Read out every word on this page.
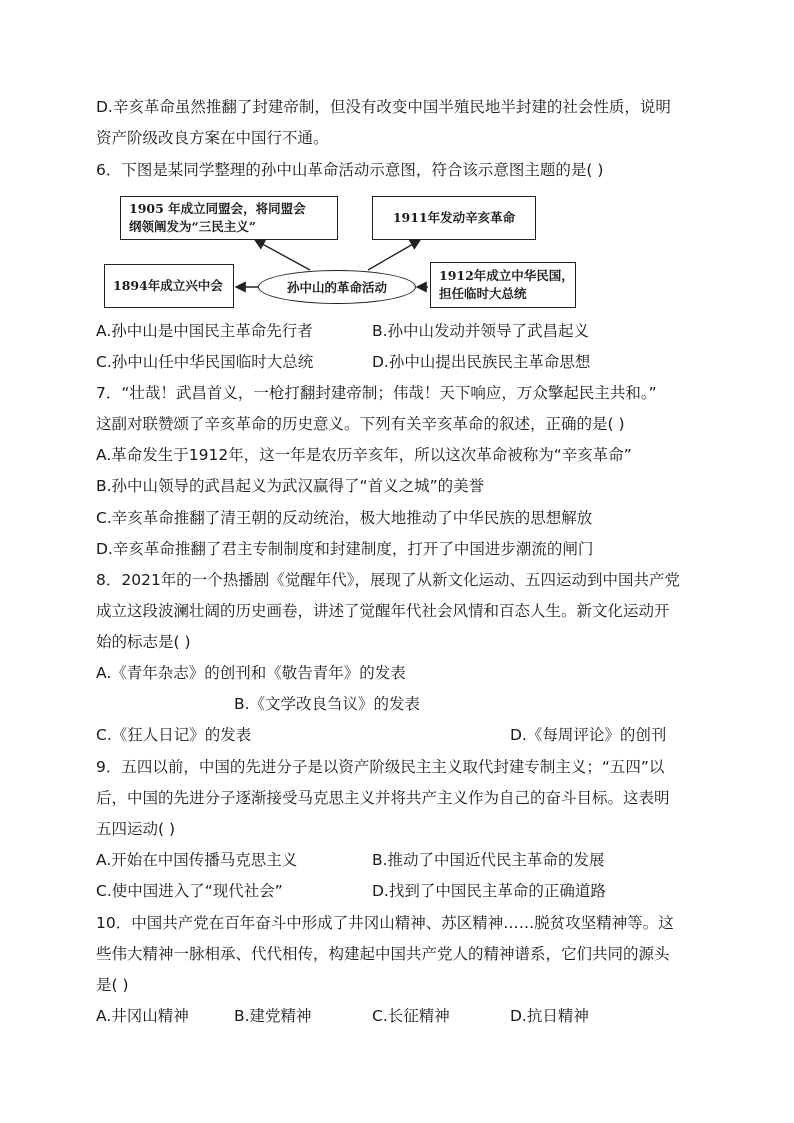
D.辛亥革命虽然推翻了封建帝制，但没有改变中国半殖民地半封建的社会性质，说明
资产阶级改良方案在中国行不通。
6．下图是某同学整理的孙中山革命活动示意图，符合该示意图主题的是( )
1905 年成立同盟会，将同盟会
纲领阐发为“三民主义”
1911年发动辛亥革命
1894年成立兴中会	孙中山的革命活动
1912年成立中华民国，
担任临时大总统
A.孙中山是中国民主革命先行者	B.孙中山发动并领导了武昌起义
C.孙中山任中华民国临时大总统	D.孙中山提出民族民主革命思想
7．“壮哉！武昌首义，一枪打翻封建帝制；伟哉！天下响应，万众擎起民主共和。”
这副对联赞颂了辛亥革命的历史意义。下列有关辛亥革命的叙述，正确的是( )
A.革命发生于1912年，这一年是农历辛亥年，所以这次革命被称为“辛亥革命”
B.孙中山领导的武昌起义为武汉赢得了“首义之城”的美誉
C.辛亥革命推翻了清王朝的反动统治，极大地推动了中华民族的思想解放
D.辛亥革命推翻了君主专制制度和封建制度，打开了中国进步潮流的闸门
8．2021年的一个热播剧《觉醒年代》，展现了从新文化运动、五四运动到中国共产党
成立这段波澜壮阔的历史画卷，讲述了觉醒年代社会风情和百态人生。新文化运动开
始的标志是( )
A.《青年杂志》的创刊和《敬告青年》的发表
B.《文学改良刍议》的发表
C.《狂人日记》的发表	D.《每周评论》的创刊
9．五四以前，中国的先进分子是以资产阶级民主主义取代封建专制主义；“五四”以
后，中国的先进分子逐渐接受马克思主义并将共产主义作为自己的奋斗目标。这表明
五四运动( )
A.开始在中国传播马克思主义	B.推动了中国近代民主革命的发展
C.使中国进入了“现代社会”	D.找到了中国民主革命的正确道路
10．中国共产党在百年奋斗中形成了井冈山精神、苏区精神……脱贫攻坚精神等。这
些伟大精神一脉相承、代代相传，构建起中国共产党人的精神谱系，它们共同的源头
是( )
A.井冈山精神	B.建党精神	C.长征精神	D.抗日精神
